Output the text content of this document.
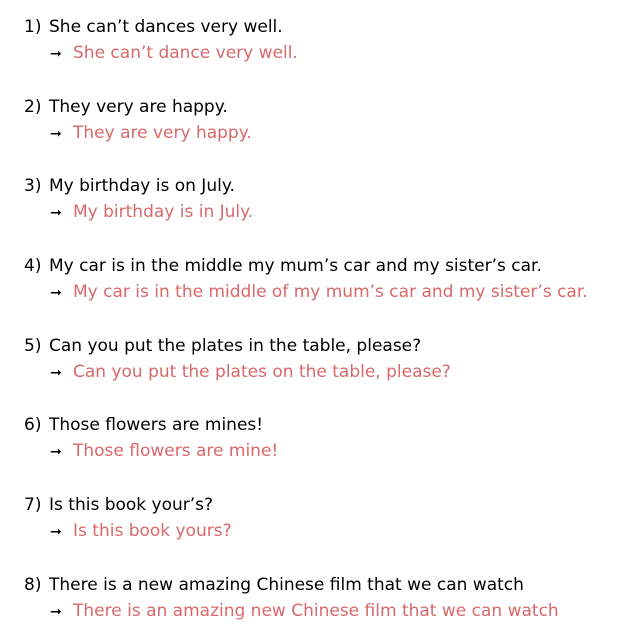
1) She can’t dances very well.
➞ She can’t dance very well.
2) They very are happy.
➞ They are very happy.
3) My birthday is on July.
➞ My birthday is in July.
4) My car is in the middle my mum’s car and my sister’s car.
➞ My car is in the middle of my mum’s car and my sister’s car.
5) Can you put the plates in the table, please?
➞ Can you put the plates on the table, please?
6) Those flowers are mines!
➞ Those flowers are mine!
7) Is this book your’s?
➞ Is this book yours?
8) There is a new amazing Chinese film that we can watch
➞ There is an amazing new Chinese film that we can watch
